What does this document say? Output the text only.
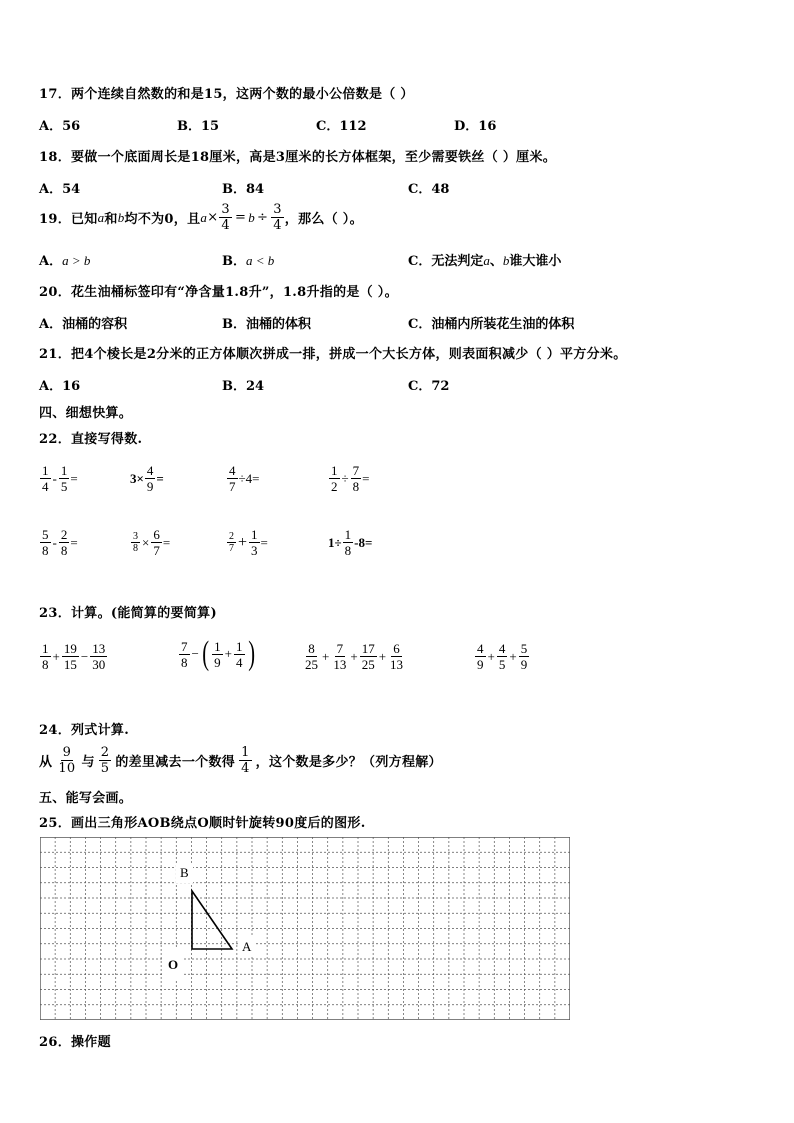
17．两个连续自然数的和是15，这两个数的最小公倍数是（ ）
A．56	B．15	C．112	D．16
18．要做一个底面周长是18厘米，高是3厘米的长方体框架，至少需要铁丝（ ）厘米。
A．54	B．84	C．48
19．已知 a 和 b 均不为0，且 $a \times \frac{3}{4} = b \div \frac{3}{4}$ ，那么（ ）。
A．a > b	B．a < b	C．无法判定a、b谁大谁小
20．花生油桶标签印有“净含量1.8升”，1.8升指的是（ ）。
A．油桶的容积	B．油桶的体积	C．油桶内所装花生油的体积
21．把4个棱长是2分米的正方体顺次拼成一排，拼成一个大长方体，则表面积减少（ ）平方分米。
A．16	B．24	C．72
四、细想快算。
22．直接写得数.
$\frac{1}{4} - \frac{1}{5}$ =	$3\times \frac{4}{9}$ =	$\frac{4}{7} \div 4=$	$\frac{1}{2} \div \frac{7}{8}$ =
$\frac{5}{8} - \frac{2}{8}$ =	$\frac{3}{8} \times \frac{6}{7}$ =	$\frac{2}{7} + \frac{1}{3}$ =	$1\div \frac{1}{8} -8=$
23．计算。(能简算的要简算)
$\frac{1}{8} + \frac{19}{15} - \frac{13}{30}$	$\frac{7}{8}$ − ( $\frac{1}{9} + \frac{1}{4}$ )	$\frac{8}{25} + \frac{7}{13} + \frac{17}{25} + \frac{6}{13}$	$\frac{4}{9} + \frac{4}{5} + \frac{5}{9}$
24．列式计算.
从 $\frac{9}{10}$ 与 $\frac{2}{5}$ 的差里减去一个数得 $\frac{1}{4}$ ，这个数是多少？（列方程解）
五、能写会画。
25．画出三角形AOB绕点O顺时针旋转90度后的图形.
B
A
O
26．操作题
